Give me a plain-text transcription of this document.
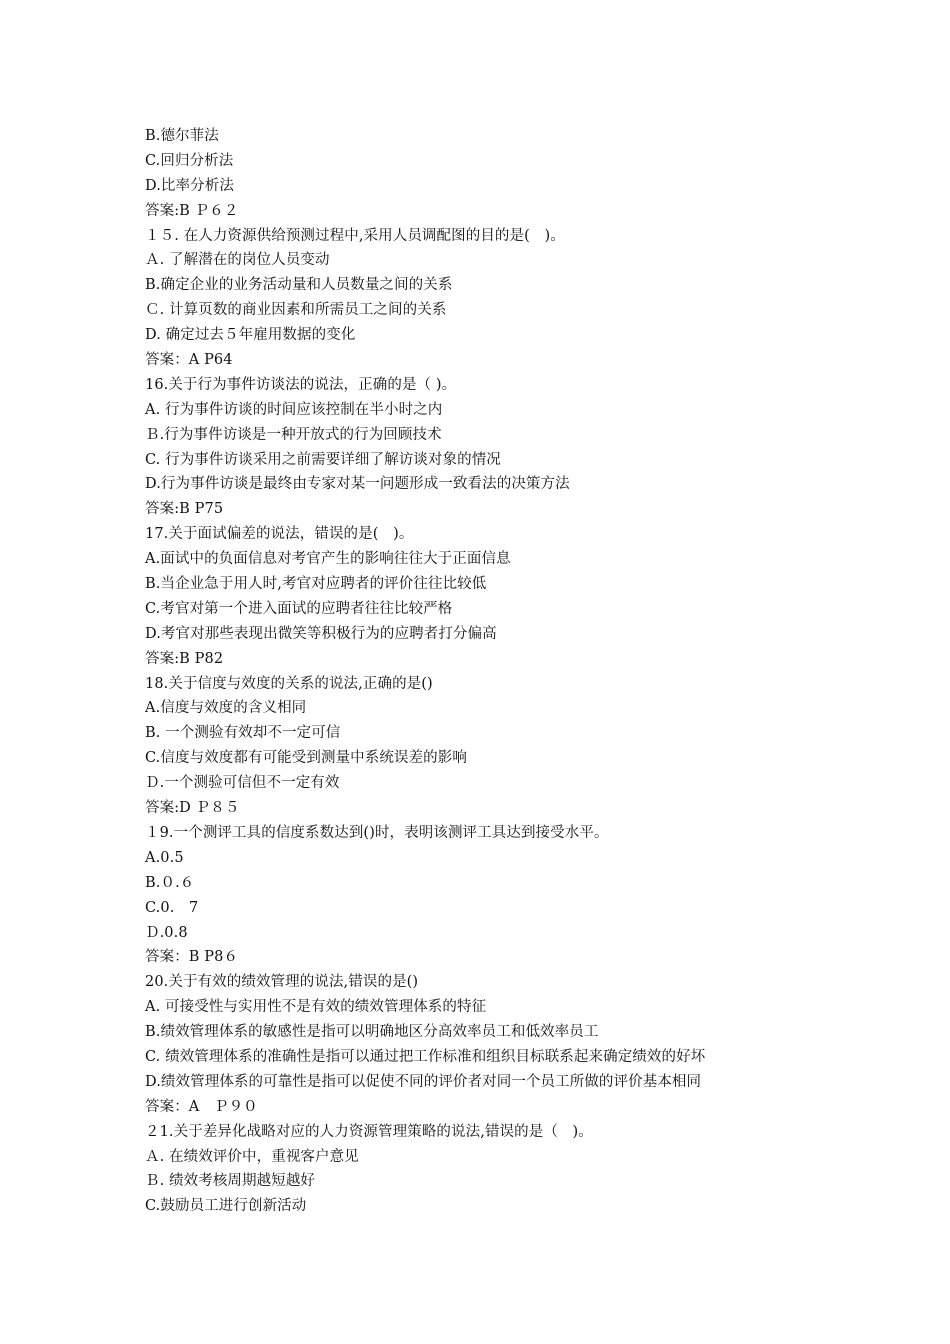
B.德尔菲法
C.回归分析法
D.比率分析法
答案:B Ｐ６２
１５. 在人力资源供给预测过程中,采用人员调配图的目的是(　)。
Ａ. 了解潜在的岗位人员变动
B.确定企业的业务活动量和人员数量之间的关系
Ｃ. 计算页数的商业因素和所需员工之间的关系
D. 确定过去５年雇用数据的变化
答案：A P64
16.关于行为事件访谈法的说法，正确的是（ )。
A. 行为事件访谈的时间应该控制在半小时之内
Ｂ.行为事件访谈是一种开放式的行为回顾技术
C. 行为事件访谈采用之前需要详细了解访谈对象的情况
D.行为事件访谈是最终由专家对某一问题形成一致看法的决策方法
答案:B P75
17.关于面试偏差的说法，错误的是(　)。
A.面试中的负面信息对考官产生的影响往往大于正面信息
B.当企业急于用人时,考官对应聘者的评价往往比较低
C.考官对第一个进入面试的应聘者往往比较严格
D.考官对那些表现出微笑等积极行为的应聘者打分偏高
答案:B P82
18.关于信度与效度的关系的说法,正确的是()
A.信度与效度的含义相同
B. 一个测验有效却不一定可信
C.信度与效度都有可能受到测量中系统误差的影响
Ｄ.一个测验可信但不一定有效
答案:D Ｐ８５
１9.一个测评工具的信度系数达到()时，表明该测评工具达到接受水平。
A.0.5
B.０.６
C.0.　7
Ｄ.0.8
答案：B P8６
20.关于有效的绩效管理的说法,错误的是()
A. 可接受性与实用性不是有效的绩效管理体系的特征
B.绩效管理体系的敏感性是指可以明确地区分高效率员工和低效率员工
C. 绩效管理体系的准确性是指可以通过把工作标准和组织目标联系起来确定绩效的好坏
D.绩效管理体系的可靠性是指可以促使不同的评价者对同一个员工所做的评价基本相同
答案：A　Ｐ９０
２1.关于差异化战略对应的人力资源管理策略的说法,错误的是（　)。
Ａ. 在绩效评价中，重视客户意见
Ｂ. 绩效考核周期越短越好
C.鼓励员工进行创新活动
